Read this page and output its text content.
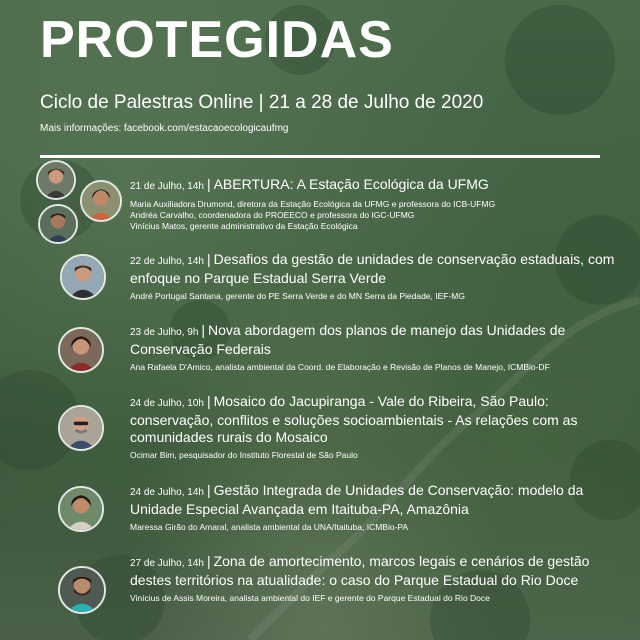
PROTEGIDAS
Ciclo de Palestras Online | 21 a 28 de Julho de 2020
Mais informações: facebook.com/estacaoecologicaufmg
21 de Julho, 14h | ABERTURA: A Estação Ecológica da UFMG
Maria Auxiliadora Drumond, diretora da Estação Ecológica da UFMG e professora do ICB-UFMG
Andréa Carvalho, coordenadora do PROEECO e professora do IGC-UFMG
Vinícius Matos, gerente administrativo da Estação Ecológica
22 de Julho, 14h | Desafios da gestão de unidades de conservação estaduais, com enfoque no Parque Estadual Serra Verde
André Portugal Santana, gerente do PE Serra Verde e do MN Serra da Piedade, IEF-MG
23 de Julho, 9h | Nova abordagem dos planos de manejo das Unidades de Conservação Federais
Ana Rafaela D'Amico, analista ambiental da Coord. de Elaboração e Revisão de Planos de Manejo, ICMBio-DF
24 de Julho, 10h | Mosaico do Jacupiranga - Vale do Ribeira, São Paulo: conservação, conflitos e soluções socioambientais - As relações com as comunidades rurais do Mosaico
Ocimar Bim, pesquisador do Instituto Florestal de São Paulo
24 de Julho, 14h | Gestão Integrada de Unidades de Conservação: modelo da Unidade Especial Avançada em Itaituba-PA, Amazônia
Maressa Girão do Amaral, analista ambiental da UNA/Itaituba, ICMBio-PA
27 de Julho, 14h | Zona de amortecimento, marcos legais e cenários de gestão destes territórios na atualidade: o caso do Parque Estadual do Rio Doce
Vinícius de Assis Moreira, analista ambiental do IEF e gerente do Parque Estadual do Rio Doce
